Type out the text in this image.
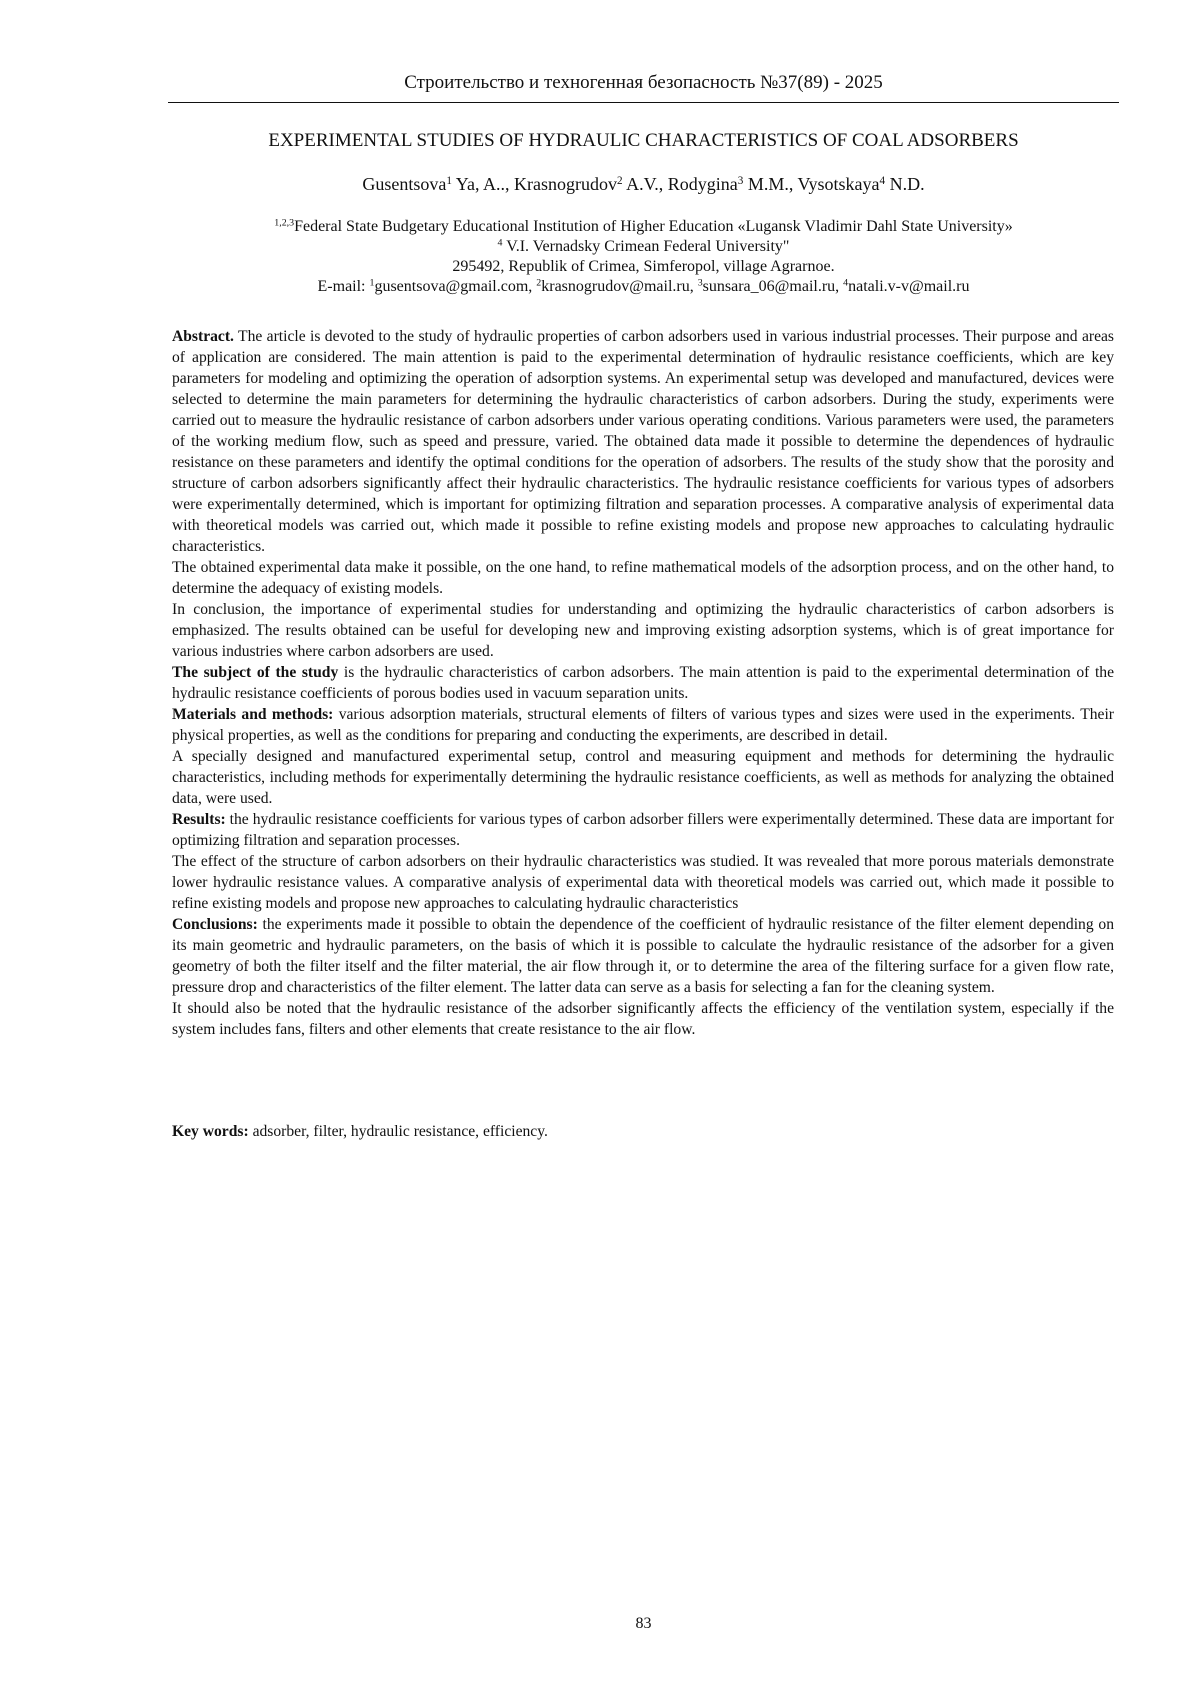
Строительство и техногенная безопасность №37(89) - 2025
EXPERIMENTAL STUDIES OF HYDRAULIC CHARACTERISTICS OF COAL ADSORBERS
Gusentsova$^1$ Ya, A.., Krasnogrudov$^2$ A.V., Rodygina$^3$ M.M., Vysotskaya$^4$ N.D.
$^{1,2,3}$Federal State Budgetary Educational Institution of Higher Education «Lugansk Vladimir Dahl State University»
$^4$ V.I. Vernadsky Crimean Federal University"
295492, Republik of Crimea, Simferopol, village Agrarnoe.
E-mail: $^1$gusentsova@gmail.com, $^2$krasnogrudov@mail.ru, $^3$sunsara_06@mail.ru, $^4$natali.v-v@mail.ru

Abstract. The article is devoted to the study of hydraulic properties of carbon adsorbers used in various industrial processes. Their purpose and areas of application are considered. The main attention is paid to the experimental determination of hydraulic resistance coefficients, which are key parameters for modeling and optimizing the operation of adsorption systems. An experimental setup was developed and manufactured, devices were selected to determine the main parameters for determining the hydraulic characteristics of carbon adsorbers. During the study, experiments were carried out to measure the hydraulic resistance of carbon adsorbers under various operating conditions. Various parameters were used, the parameters of the working medium flow, such as speed and pressure, varied. The obtained data made it possible to determine the dependences of hydraulic resistance on these parameters and identify the optimal conditions for the operation of adsorbers. The results of the study show that the porosity and structure of carbon adsorbers significantly affect their hydraulic characteristics. The hydraulic resistance coefficients for various types of adsorbers were experimentally determined, which is important for optimizing filtration and separation processes. A comparative analysis of experimental data with theoretical models was carried out, which made it possible to refine existing models and propose new approaches to calculating hydraulic characteristics.

The obtained experimental data make it possible, on the one hand, to refine mathematical models of the adsorption process, and on the other hand, to determine the adequacy of existing models.

In conclusion, the importance of experimental studies for understanding and optimizing the hydraulic characteristics of carbon adsorbers is emphasized. The results obtained can be useful for developing new and improving existing adsorption systems, which is of great importance for various industries where carbon adsorbers are used.

The subject of the study is the hydraulic characteristics of carbon adsorbers. The main attention is paid to the experimental determination of the hydraulic resistance coefficients of porous bodies used in vacuum separation units.

Materials and methods: various adsorption materials, structural elements of filters of various types and sizes were used in the experiments. Their physical properties, as well as the conditions for preparing and conducting the experiments, are described in detail.

A specially designed and manufactured experimental setup, control and measuring equipment and methods for determining the hydraulic characteristics, including methods for experimentally determining the hydraulic resistance coefficients, as well as methods for analyzing the obtained data, were used.

Results: the hydraulic resistance coefficients for various types of carbon adsorber fillers were experimentally determined. These data are important for optimizing filtration and separation processes.

The effect of the structure of carbon adsorbers on their hydraulic characteristics was studied. It was revealed that more porous materials demonstrate lower hydraulic resistance values. A comparative analysis of experimental data with theoretical models was carried out, which made it possible to refine existing models and propose new approaches to calculating hydraulic characteristics

Conclusions: the experiments made it possible to obtain the dependence of the coefficient of hydraulic resistance of the filter element depending on its main geometric and hydraulic parameters, on the basis of which it is possible to calculate the hydraulic resistance of the adsorber for a given geometry of both the filter itself and the filter material, the air flow through it, or to determine the area of the filtering surface for a given flow rate, pressure drop and characteristics of the filter element. The latter data can serve as a basis for selecting a fan for the cleaning system.

It should also be noted that the hydraulic resistance of the adsorber significantly affects the efficiency of the ventilation system, especially if the system includes fans, filters and other elements that create resistance to the air flow.

Key words: adsorber, filter, hydraulic resistance, efficiency.
83
